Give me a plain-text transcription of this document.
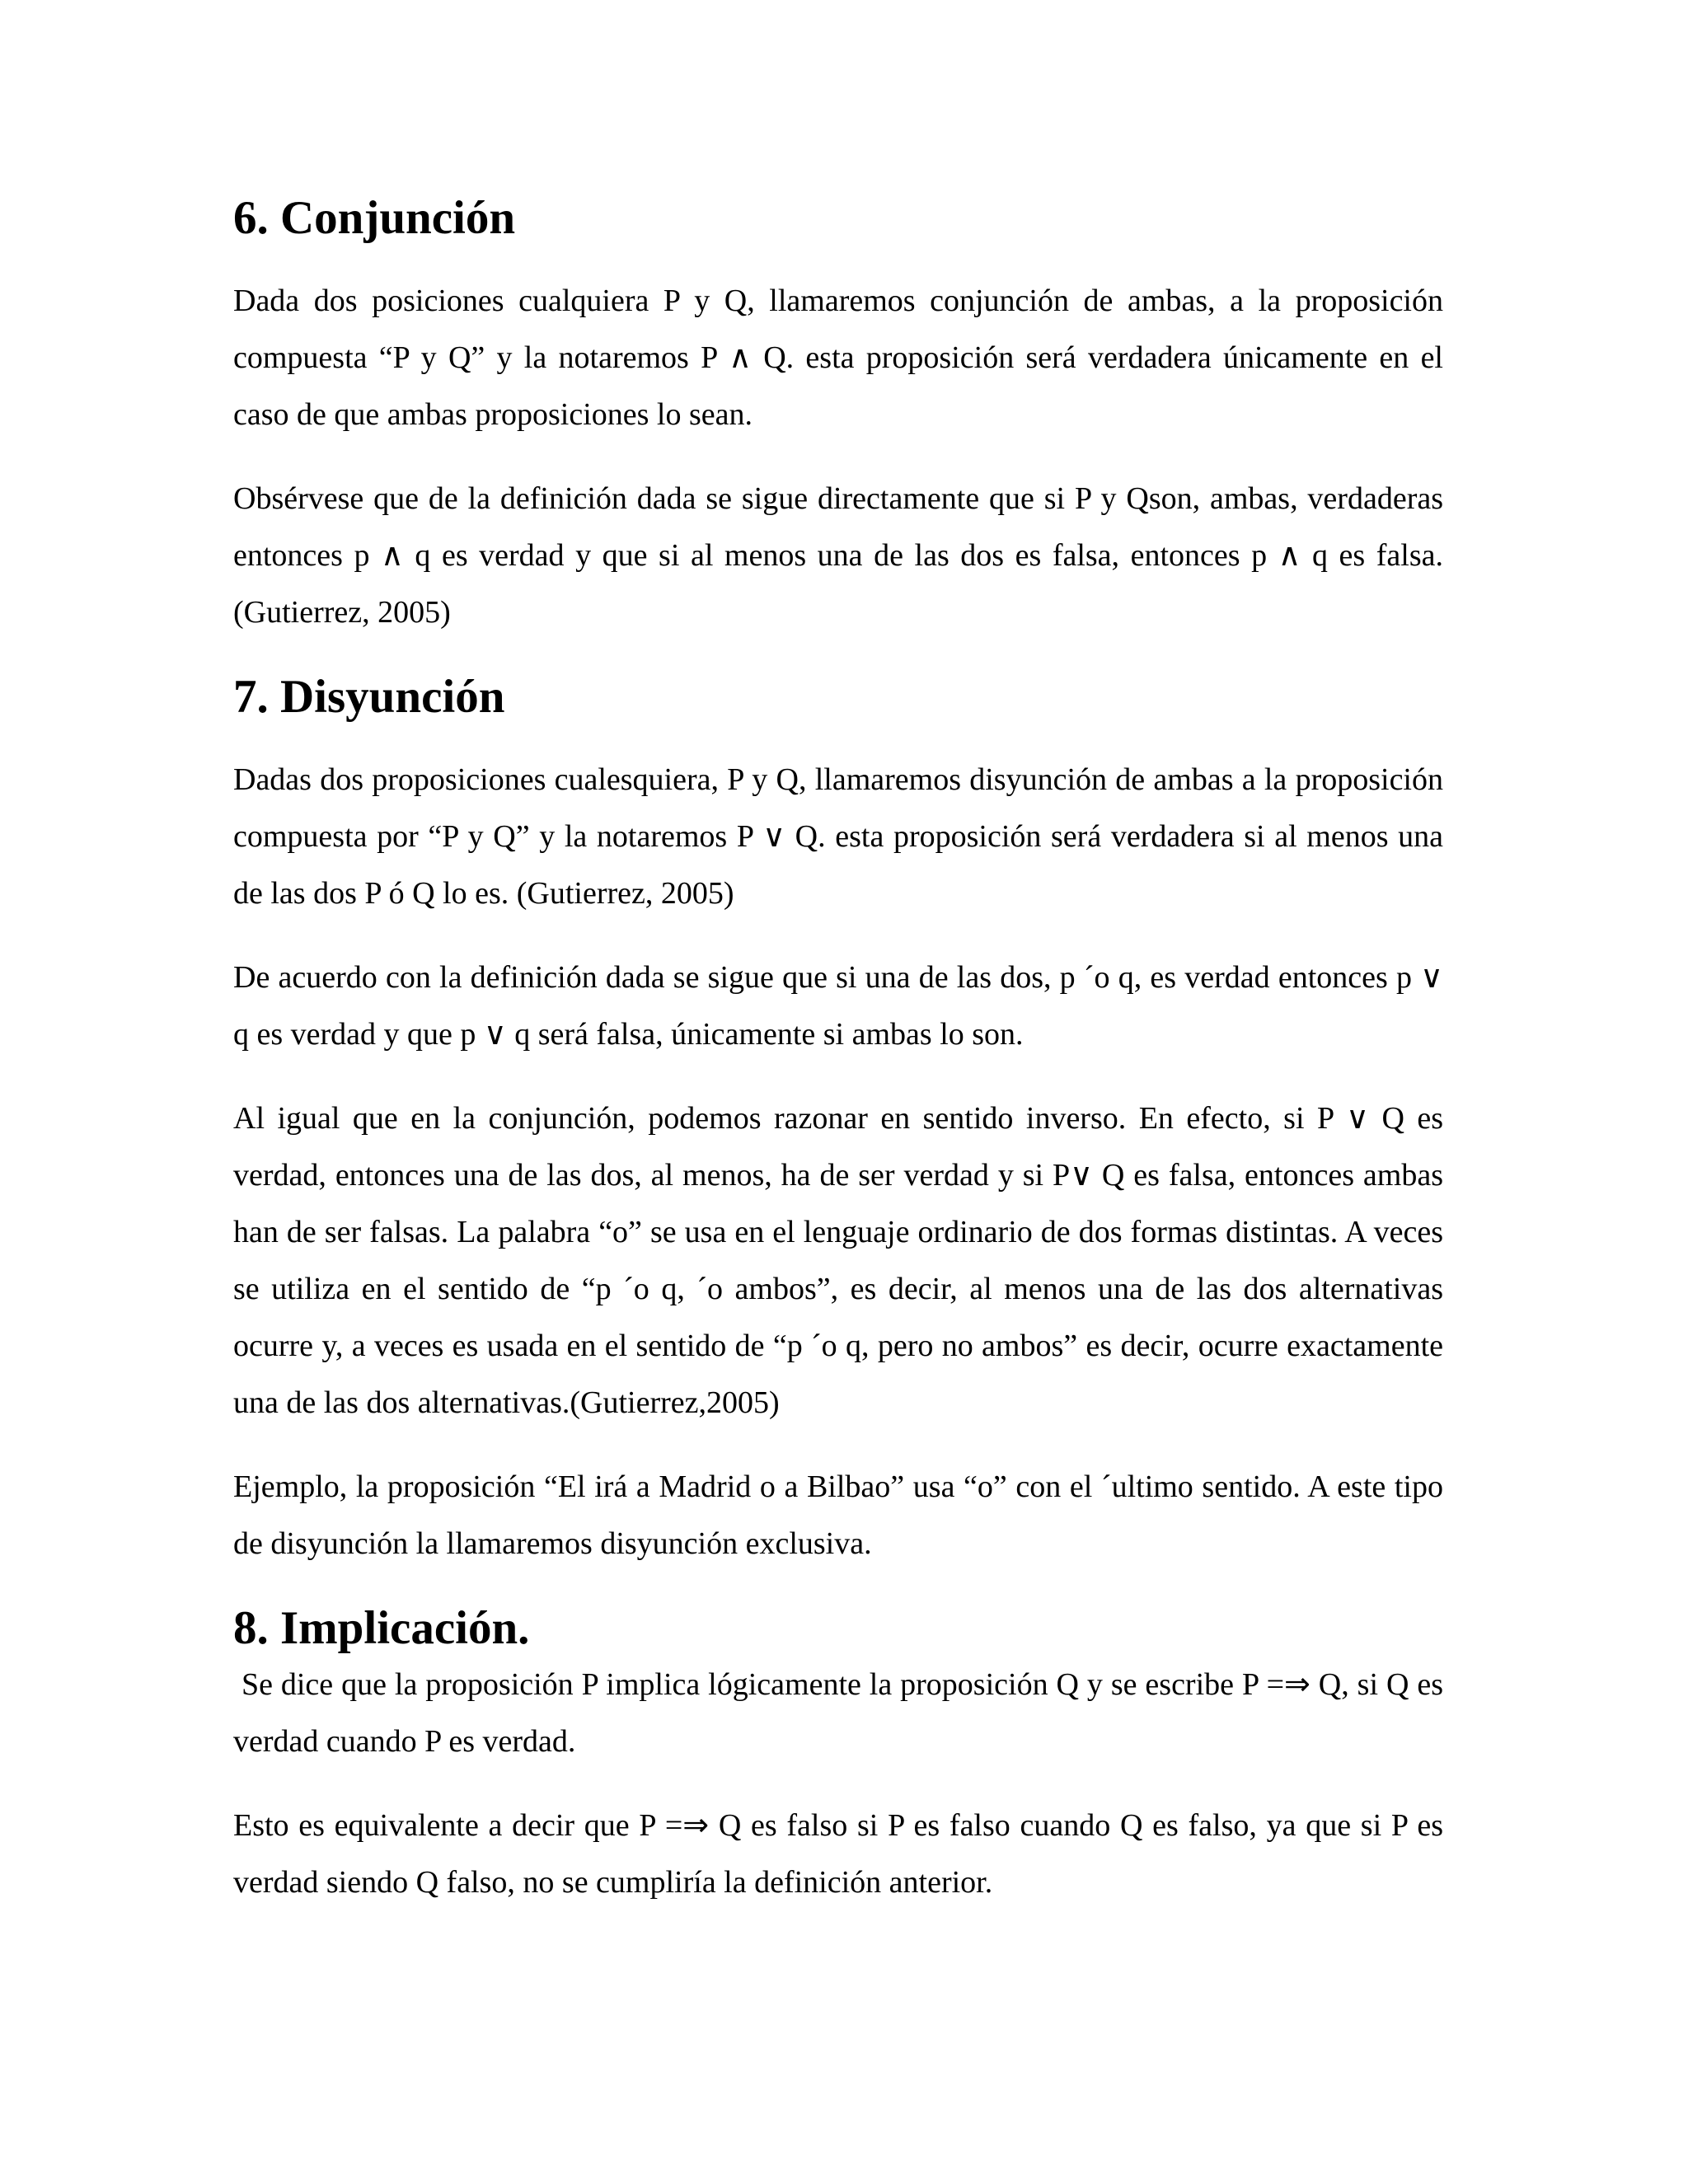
6. Conjunción

Dada dos posiciones cualquiera P y Q, llamaremos conjunción de ambas, a la proposición compuesta “P y Q” y la notaremos P ∧ Q. esta proposición será verdadera únicamente en el caso de que ambas proposiciones lo sean.

Obsérvese que de la definición dada se sigue directamente que si P y Qson, ambas, verdaderas entonces p ∧ q es verdad y que si al menos una de las dos es falsa, entonces p ∧ q es falsa. (Gutierrez, 2005)

7. Disyunción

Dadas dos proposiciones cualesquiera, P y Q, llamaremos disyunción de ambas a la proposición compuesta por “P y Q” y la notaremos P ∨ Q. esta proposición será verdadera si al menos una de las dos P ó Q lo es. (Gutierrez, 2005)

De acuerdo con la definición dada se sigue que si una de las dos, p ´o q, es verdad entonces p ∨ q es verdad y que p ∨ q será falsa, únicamente si ambas lo son.

Al igual que en la conjunción, podemos razonar en sentido inverso. En efecto, si P ∨ Q es verdad, entonces una de las dos, al menos, ha de ser verdad y si P∨ Q es falsa, entonces ambas han de ser falsas. La palabra “o” se usa en el lenguaje ordinario de dos formas distintas. A veces se utiliza en el sentido de “p ´o q, ´o ambos”, es decir, al menos una de las dos alternativas ocurre y, a veces es usada en el sentido de “p ´o q, pero no ambos” es decir, ocurre exactamente una de las dos alternativas.(Gutierrez,2005)

Ejemplo, la proposición “El irá a Madrid o a Bilbao” usa “o” con el ´ultimo sentido. A este tipo de disyunción la llamaremos disyunción exclusiva.

8. Implicación.

Se dice que la proposición P implica lógicamente la proposición Q y se escribe P =⇒ Q, si Q es verdad cuando P es verdad.

Esto es equivalente a decir que P =⇒ Q es falso si P es falso cuando Q es falso, ya que si P es verdad siendo Q falso, no se cumpliría la definición anterior.
